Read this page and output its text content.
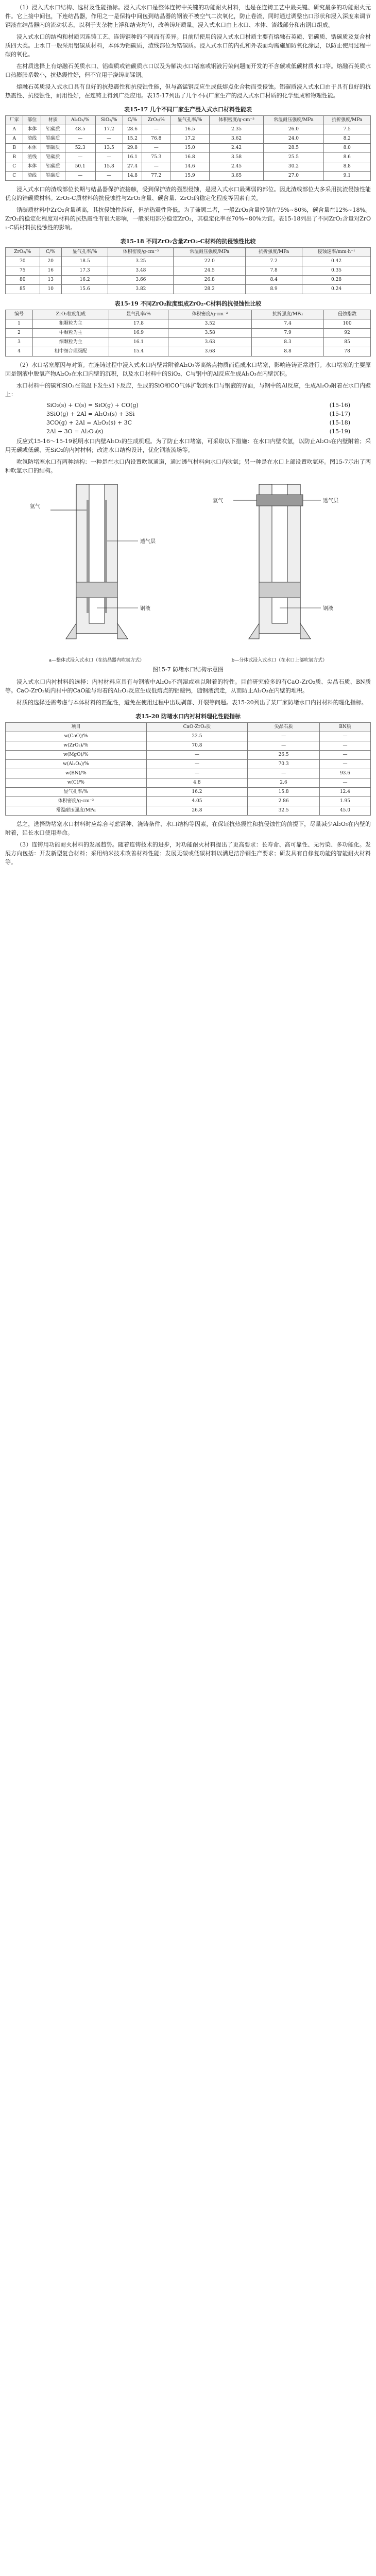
（1）浸入式水口结构、选材及性能指标。浸入式水口是整体连铸中关键的功能耐火材料，也是在连铸工艺中最关键、研究最多的功能耐火元件。它上接中间包，下连结晶器，作用之一是保持中间包到结晶器的钢液不被空气二次氧化，防止卷渣，同时通过调整出口形状和浸入深度来调节钢液在结晶器内的流动状态，以利于夹杂物上浮和结壳均匀，改善铸坯质量。浸入式水口由上水口、本体、渣线部分和出钢口组成。

浸入式水口的结构和材质因连铸工艺、连铸钢种的不同而有差异。目前所使用的浸入式水口材质主要有熔融石英质、铝碳质、锆碳质及复合材质四大类。上水口一般采用铝碳质材料，本体为铝碳质，渣线部位为锆碳质。浸入式水口的内孔和外表面均需施加防氧化涂层，以防止使用过程中碳的氧化。

在材质选择上有熔融石英质水口、铝碳质或锆碳质水口以及为解决水口堵塞或钢液污染问题而开发的不含碳或低碳材质水口等。熔融石英质水口热膨胀系数小，抗热震性好，但不宜用于浇铸高锰钢。

熔融石英质浸入式水口具有良好的抗热震性和抗侵蚀性能，但与高锰钢反应生成低熔点化合物而受侵蚀。铝碳质浸入式水口由于具有良好的抗热震性、抗侵蚀性，耐用性好，在连铸上得到广泛应用。表15-17列出了几个不同厂家生产的浸入式水口材质的化学组成和物理性能。

表15-17 几个不同厂家生产浸入式水口材料性能表
厂家	部位	材质	Al₂O₃/%	SiO₂/%	C/%	ZrO₂/%	显气孔率/%	体积密度/g·cm⁻³	常温耐压强度/MPa	抗折强度/MPa
A	本体	铝碳质	48.5	17.2	28.6	—	16.5	2.35	26.0	7.5
A	渣线	锆碳质	—	—	15.2	76.8	17.2	3.62	24.0	8.2
B	本体	铝碳质	52.3	13.5	29.8	—	15.0	2.42	28.5	8.0
B	渣线	锆碳质	—	—	16.1	75.3	16.8	3.58	25.5	8.6
C	本体	铝碳质	50.1	15.8	27.4	—	14.6	2.45	30.2	8.8
C	渣线	锆碳质	—	—	14.8	77.2	15.9	3.65	27.0	9.1

浸入式水口的渣线部位长期与结晶器保护渣接触，受到保护渣的强烈侵蚀，是浸入式水口最薄弱的部位。因此渣线部位大多采用抗渣侵蚀性能优良的锆碳质材料。ZrO₂-C质材料的抗侵蚀性与ZrO₂含量、碳含量、ZrO₂的稳定化程度等因素有关。

锆碳质材料中ZrO₂含量越高，其抗侵蚀性越好，但抗热震性降低。为了兼顾二者，一般ZrO₂含量控制在75%~80%，碳含量在12%~18%。ZrO₂的稳定化程度对材料的抗热震性有很大影响，一般采用部分稳定ZrO₂，其稳定化率在70%~80%为宜。表15-18列出了不同ZrO₂含量对ZrO₂-C质材料抗侵蚀性的影响。

表15-18 不同ZrO₂含量ZrO₂-C材料的抗侵蚀性比较
ZrO₂/%	C/%	显气孔率/%	体积密度/g·cm⁻³	常温耐压强度/MPa	抗折强度/MPa	侵蚀速率/mm·h⁻¹
70	20	18.5	3.25	22.0	7.2	0.42
75	16	17.3	3.48	24.5	7.8	0.35
80	13	16.2	3.66	26.8	8.4	0.28
85	10	15.6	3.82	28.2	8.9	0.24
表15-19 不同ZrO₂粒度组成ZrO₂-C材料的抗侵蚀性比较
编号	ZrO₂粒度组成	显气孔率/%	体积密度/g·cm⁻³	抗折强度/MPa	侵蚀指数
1	粗颗粒为主	17.8	3.52	7.4	100
2	中颗粒为主	16.9	3.58	7.9	92
3	细颗粒为主	16.1	3.63	8.3	85
4	粗中细合理级配	15.4	3.68	8.8	78

（2）水口堵塞原因与对策。在连铸过程中浸入式水口内壁常附着Al₂O₃等高熔点物质而造成水口堵塞，影响连铸正常进行。水口堵塞的主要原因是钢液中脱氧产物Al₂O₃在水口内壁的沉积，以及水口材料中的SiO₂、C与钢中的Al反应生成Al₂O₃在内壁沉积。

水口材料中的碳和SiO₂在高温下发生如下反应，生成的SiO和CO气体扩散到水口与钢液的界面，与钢中的Al反应，生成Al₂O₃附着在水口内壁上：

SiO₂(s) + C(s) = SiO(g) + CO(g)	(15-16)
3SiO(g) + 2Al = Al₂O₃(s) + 3Si	(15-17)
3CO(g) + 2Al = Al₂O₃(s) + 3C	(15-18)
2Al + 3O = Al₂O₃(s)	(15-19)

反应式15-16～15-19说明水口内壁Al₂O₃的生成机理。为了防止水口堵塞，可采取以下措施：在水口内壁吹氩，以防止Al₂O₃在内壁附着；采用无碳或低碳、无SiO₂的内衬材料；改进水口结构设计，优化钢液流场等。

吹氩防堵塞水口有两种结构：一种是在水口内设置吹氩通道，通过透气材料向水口内吹氩；另一种是在水口上部设置吹氩环。图15-7示出了两种吹氩水口的结构。

氩气
透气层
钢液
氩气	透气层
钢液
a—整体式浸入式水口（在结晶器内吹氩方式）	b—分体式浸入式水口（在水口上部吹氩方式）
图15-7 防堵水口结构示意图

浸入式水口内衬材料的选择：内衬材料应具有与钢液中Al₂O₃不润湿或难以附着的特性。目前研究较多的有CaO-ZrO₂质、尖晶石质、BN质等。CaO-ZrO₂质内衬中的CaO能与附着的Al₂O₃反应生成低熔点的铝酸钙，随钢液流走，从而防止Al₂O₃在内壁的堆积。

材质的选择还需考虑与本体材料的匹配性，避免在使用过程中出现剥落、开裂等问题。表15-20列出了某厂家防堵水口内衬材料的理化指标。

表15-20 防堵水口内衬材料理化性能指标
项目	CaO-ZrO₂质	尖晶石质	BN质
w(CaO)/%	22.5	—	—
w(ZrO₂)/%	70.8	—	—
w(MgO)/%	—	26.5	—
w(Al₂O₃)/%	—	70.3	—
w(BN)/%	—	—	93.6
w(C)/%	4.8	2.6	—
显气孔率/%	16.2	15.8	12.4
体积密度/g·cm⁻³	4.05	2.86	1.95
常温耐压强度/MPa	26.8	32.5	45.0

总之，选择防堵塞水口材料时应综合考虑钢种、浇铸条件、水口结构等因素，在保证抗热震性和抗侵蚀性的前提下，尽量减少Al₂O₃在内壁的附着，延长水口使用寿命。

（3）连铸用功能耐火材料的发展趋势。随着连铸技术的进步，对功能耐火材料提出了更高要求：长寿命、高可靠性、无污染、多功能化。发展方向包括：开发新型复合材料；采用纳米技术改善材料性能；发展无碳或低碳材料以满足洁净钢生产要求；研发具有自修复功能的智能耐火材料等。
